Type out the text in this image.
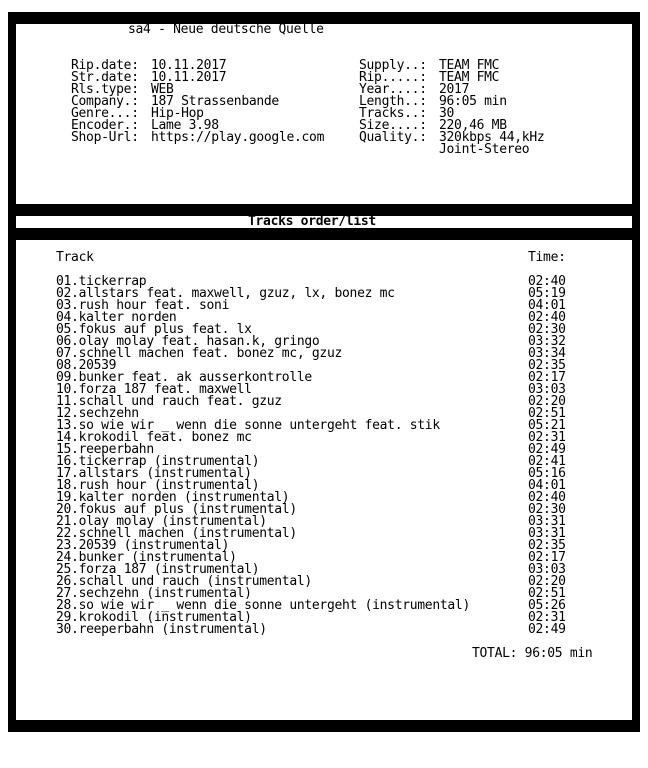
sa4 - Neue deutsche Quelle
Rip.date: 10.11.2017
Str.date: 10.11.2017
Rls.type: WEB
Company.: 187 Strassenbande
Genre...: Hip-Hop
Encoder.: Lame 3.98
Shop-Url: https://play.google.com
Supply..: TEAM FMC
Rip.....: TEAM FMC
Year....: 2017
Length..: 96:05 min
Tracks..: 30
Size....: 220,46 MB
Quality.: 320kbps 44,kHz
Joint-Stereo
Tracks order/list
Track	Time:
01.tickerrap	02:40
02.allstars feat. maxwell, gzuz, lx, bonez mc	05:19
03.rush hour feat. soni	04:01
04.kalter norden	02:40
05.fokus auf plus feat. lx	02:30
06.olay molay feat. hasan.k, gringo	03:32
07.schnell machen feat. bonez mc, gzuz	03:34
08.20539	02:35
09.bunker feat. ak ausserkontrolle	02:17
10.forza 187 feat. maxwell	03:03
11.schall und rauch feat. gzuz	02:20
12.sechzehn	02:51
13.so wie wir _ wenn die sonne untergeht feat. stik	05:21
14.krokodil feat. bonez mc	02:31
15.reeperbahn	02:49
16.tickerrap (instrumental)	02:41
17.allstars (instrumental)	05:16
18.rush hour (instrumental)	04:01
19.kalter norden (instrumental)	02:40
20.fokus auf plus (instrumental)	02:30
21.olay molay (instrumental)	03:31
22.schnell machen (instrumental)	03:31
23.20539 (instrumental)	02:35
24.bunker (instrumental)	02:17
25.forza 187 (instrumental)	03:03
26.schall und rauch (instrumental)	02:20
27.sechzehn (instrumental)	02:51
28.so wie wir _ wenn die sonne untergeht (instrumental)	05:26
29.krokodil (instrumental)	02:31
30.reeperbahn (instrumental)	02:49
TOTAL: 96:05 min
